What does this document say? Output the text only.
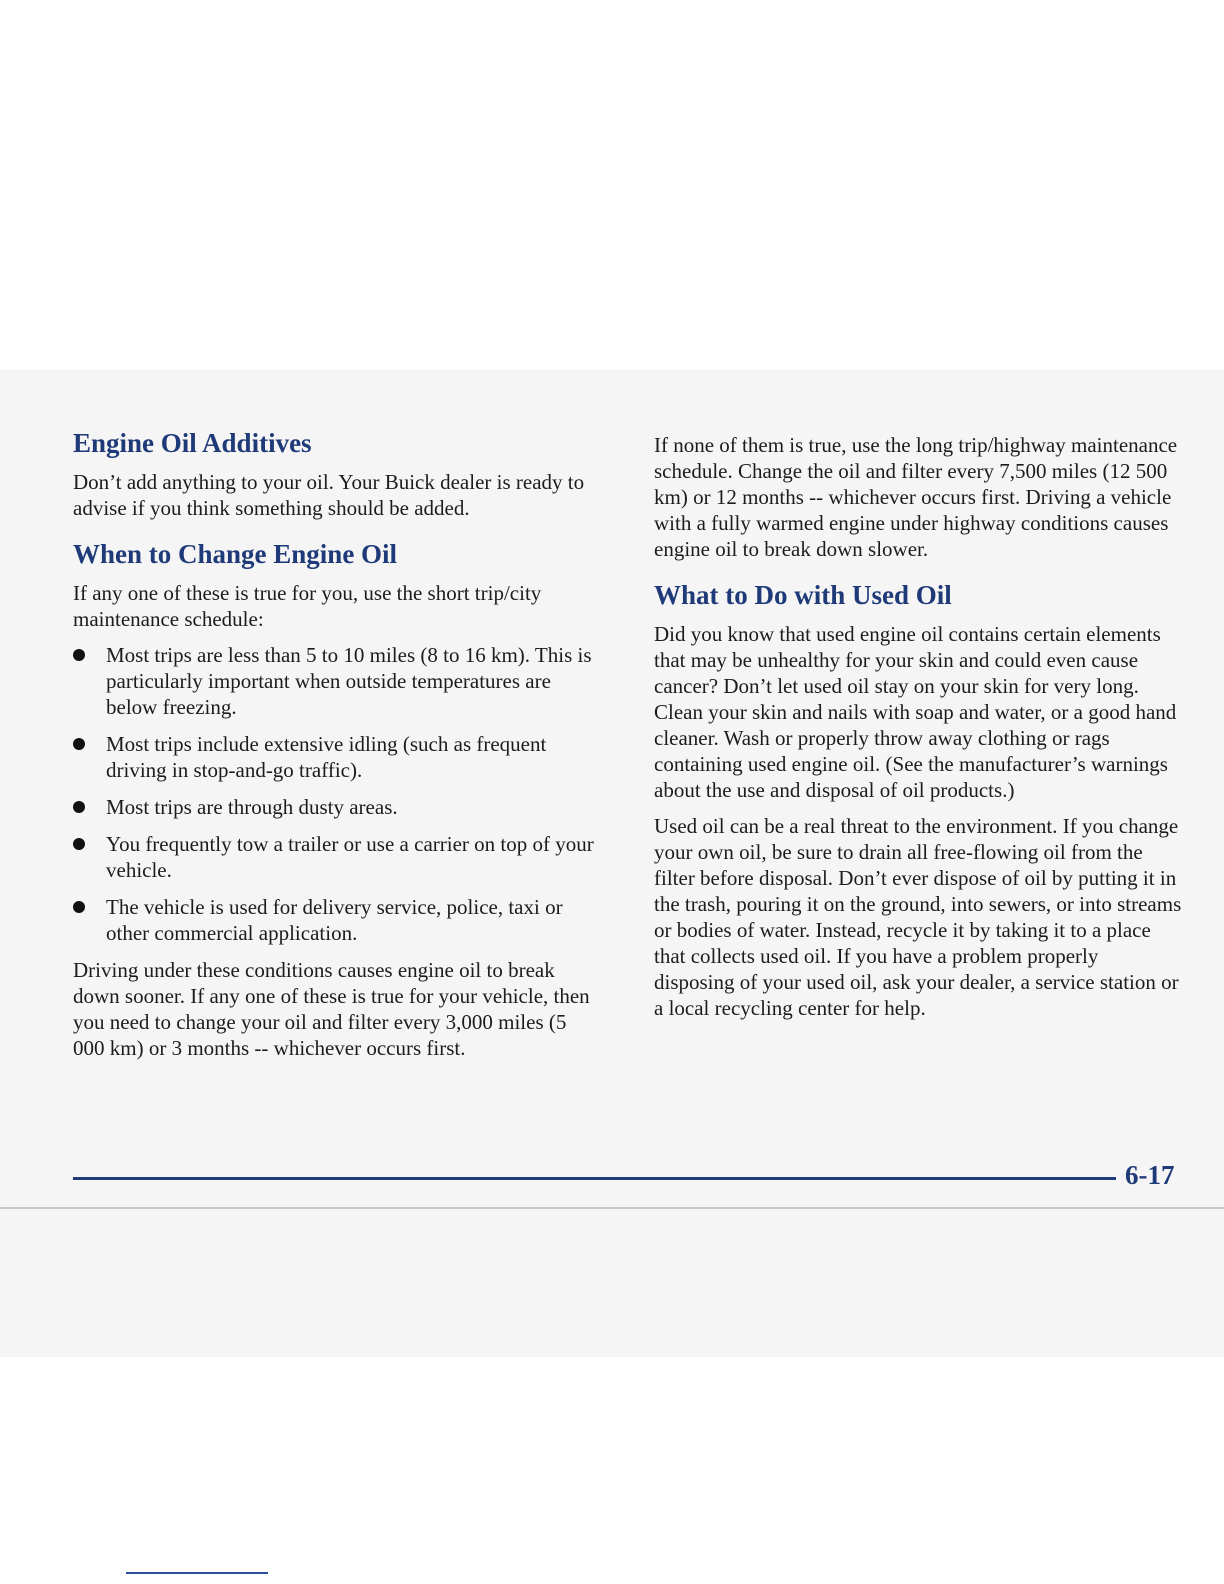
Engine Oil Additives

Don’t add anything to your oil. Your Buick dealer is ready to advise if you think something should be added.

When to Change Engine Oil

If any one of these is true for you, use the short trip/city maintenance schedule:

Most trips are less than 5 to 10 miles (8 to 16 km). This is particularly important when outside temperatures are below freezing.
Most trips include extensive idling (such as frequent driving in stop-and-go traffic).
Most trips are through dusty areas.
You frequently tow a trailer or use a carrier on top of your vehicle.
The vehicle is used for delivery service, police, taxi or other commercial application.

Driving under these conditions causes engine oil to break down sooner. If any one of these is true for your vehicle, then you need to change your oil and filter every 3,000 miles (5 000 km) or 3 months -- whichever occurs first.

If none of them is true, use the long trip/highway maintenance schedule. Change the oil and filter every 7,500 miles (12 500 km) or 12 months -- whichever occurs first. Driving a vehicle with a fully warmed engine under highway conditions causes engine oil to break down slower.

What to Do with Used Oil

Did you know that used engine oil contains certain elements that may be unhealthy for your skin and could even cause cancer? Don’t let used oil stay on your skin for very long. Clean your skin and nails with soap and water, or a good hand cleaner. Wash or properly throw away clothing or rags containing used engine oil. (See the manufacturer’s warnings about the use and disposal of oil products.)

Used oil can be a real threat to the environment. If you change your own oil, be sure to drain all free-flowing oil from the filter before disposal. Don’t ever dispose of oil by putting it in the trash, pouring it on the ground, into sewers, or into streams or bodies of water. Instead, recycle it by taking it to a place that collects used oil. If you have a problem properly disposing of your used oil, ask your dealer, a service station or a local recycling center for help.

6-17
